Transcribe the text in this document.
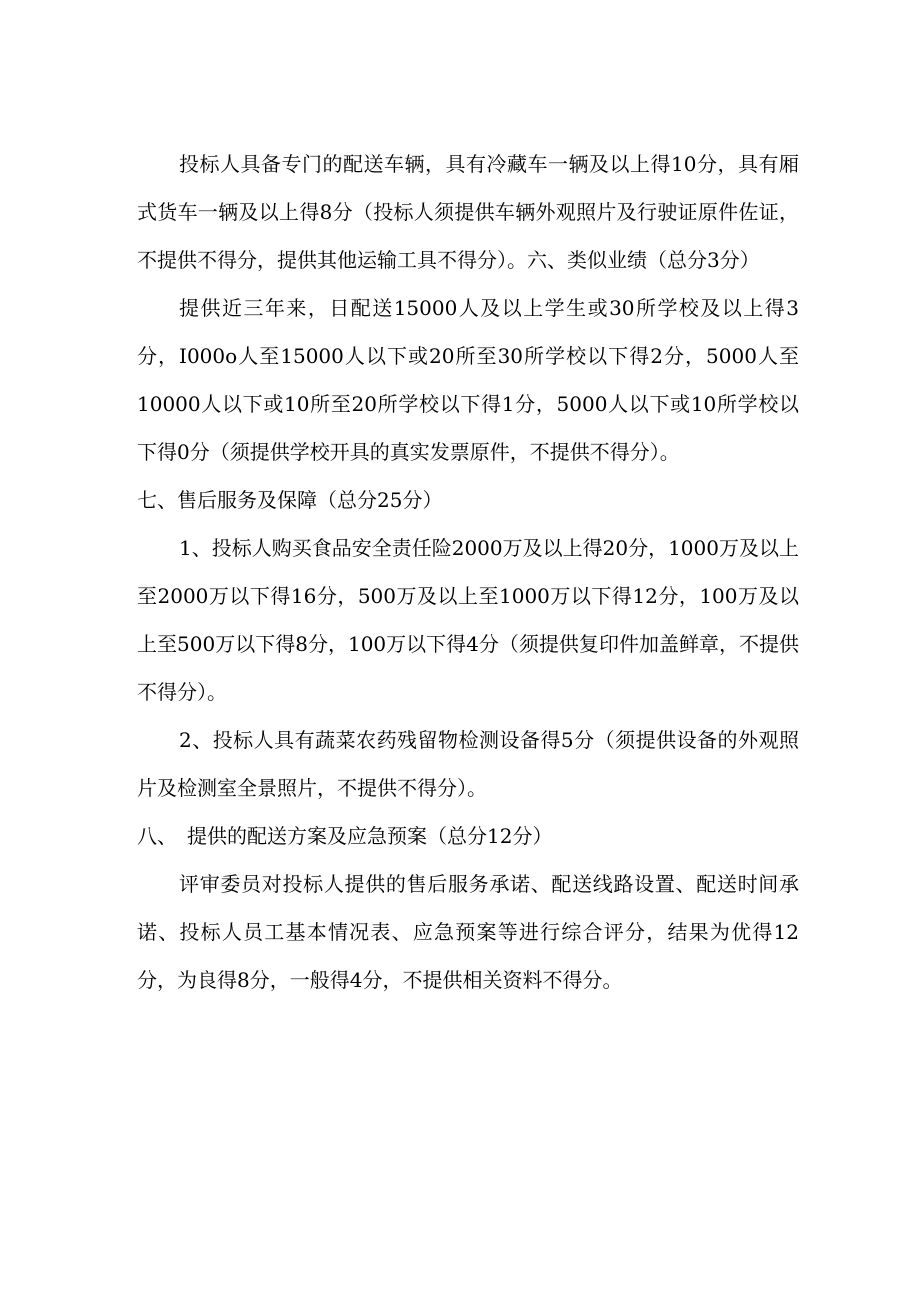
投标人具备专门的配送车辆，具有冷藏车一辆及以上得10分，具有厢式货车一辆及以上得8分（投标人须提供车辆外观照片及行驶证原件佐证，不提供不得分，提供其他运输工具不得分）。六、类似业绩（总分3分）

提供近三年来，日配送15000人及以上学生或30所学校及以上得3分，I000o人至15000人以下或20所至30所学校以下得2分，5000人至10000人以下或10所至20所学校以下得1分，5000人以下或10所学校以下得0分（须提供学校开具的真实发票原件，不提供不得分）。

七、售后服务及保障（总分25分）

1、投标人购买食品安全责任险2000万及以上得20分，1000万及以上至2000万以下得16分，500万及以上至1000万以下得12分，100万及以上至500万以下得8分，100万以下得4分（须提供复印件加盖鲜章，不提供不得分）。

2、投标人具有蔬菜农药残留物检测设备得5分（须提供设备的外观照片及检测室全景照片，不提供不得分）。

八、　提供的配送方案及应急预案（总分12分）

评审委员对投标人提供的售后服务承诺、配送线路设置、配送时间承诺、投标人员工基本情况表、应急预案等进行综合评分，结果为优得12分，为良得8分，一般得4分，不提供相关资料不得分。
